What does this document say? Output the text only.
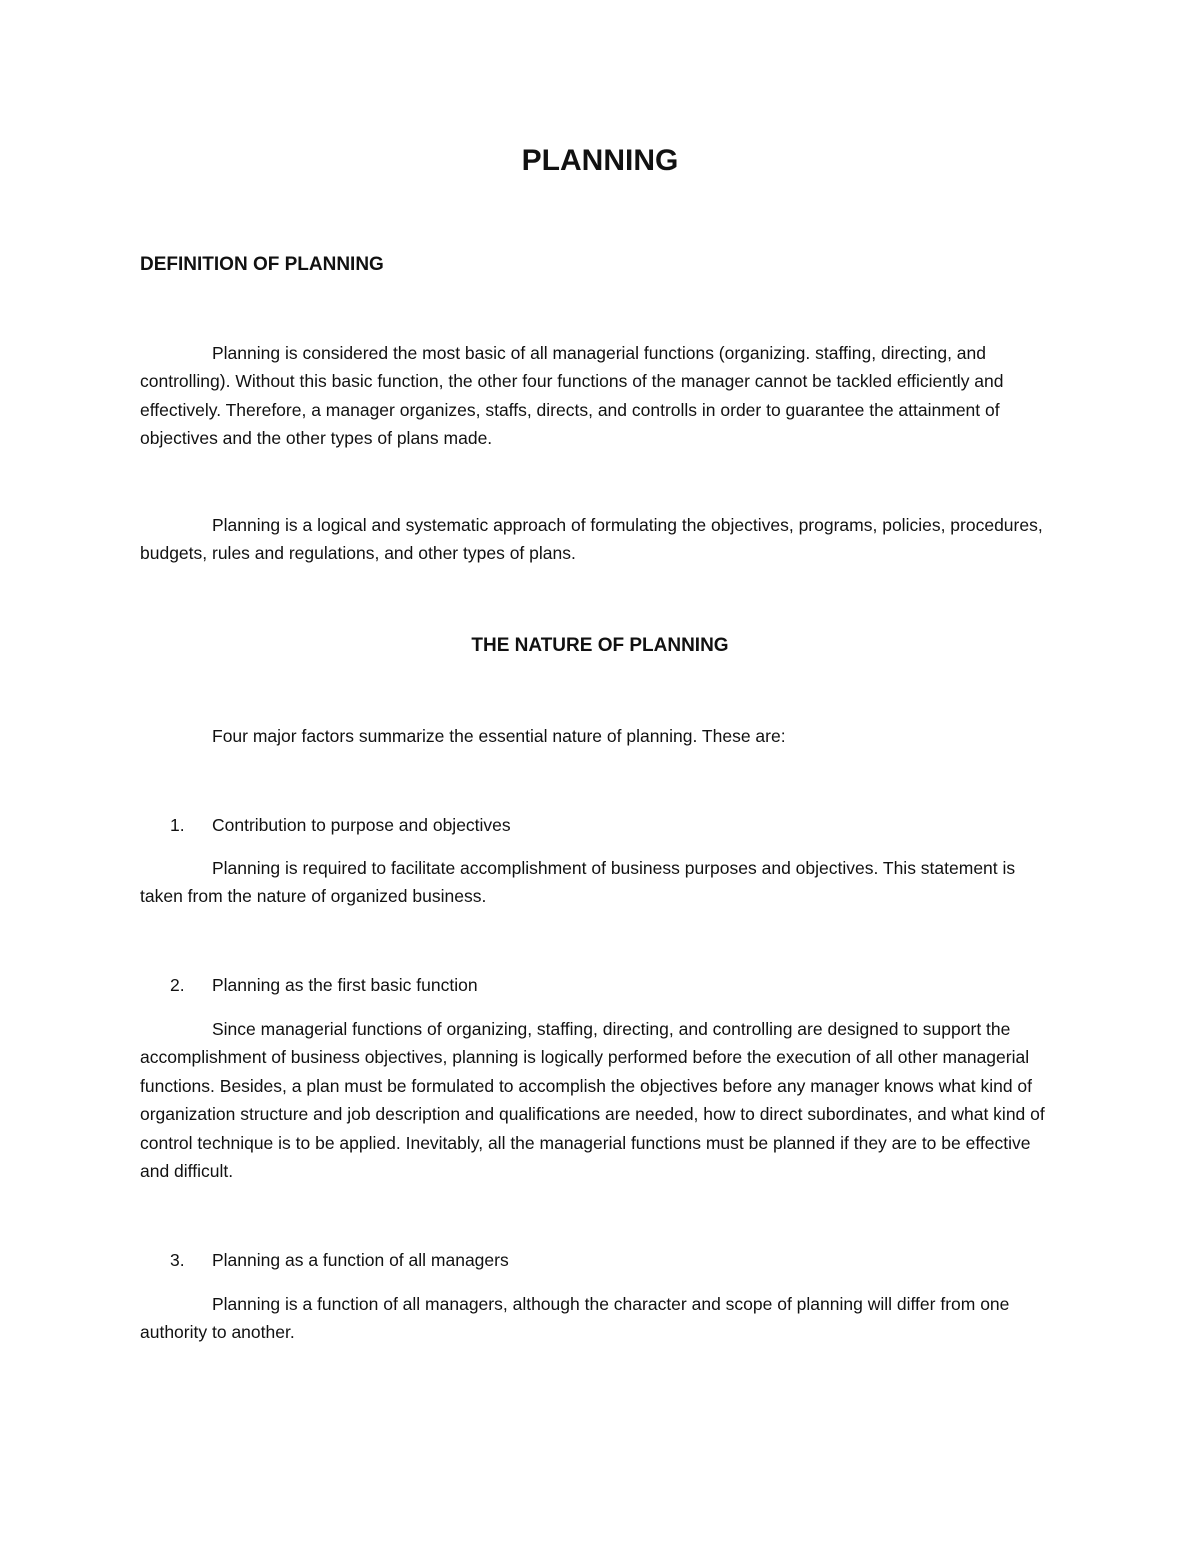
PLANNING
DEFINITION OF PLANNING

Planning is considered the most basic of all managerial functions (organizing. staffing, directing, and controlling). Without this basic function, the other four functions of the manager cannot be tackled efficiently and effectively. Therefore, a manager organizes, staffs, directs, and controlls in order to guarantee the attainment of objectives and the other types of plans made.

Planning is a logical and systematic approach of formulating the objectives, programs, policies, procedures, budgets, rules and regulations, and other types of plans.

THE NATURE OF PLANNING

Four major factors summarize the essential nature of planning. These are:

1. Contribution to purpose and objectives

Planning is required to facilitate accomplishment of business purposes and objectives. This statement is taken from the nature of organized business.

2. Planning as the first basic function

Since managerial functions of organizing, staffing, directing, and controlling are designed to support the accomplishment of business objectives, planning is logically performed before the execution of all other managerial functions. Besides, a plan must be formulated to accomplish the objectives before any manager knows what kind of organization structure and job description and qualifications are needed, how to direct subordinates, and what kind of control technique is to be applied. Inevitably, all the managerial functions must be planned if they are to be effective and difficult.

3. Planning as a function of all managers

Planning is a function of all managers, although the character and scope of planning will differ from one authority to another.
